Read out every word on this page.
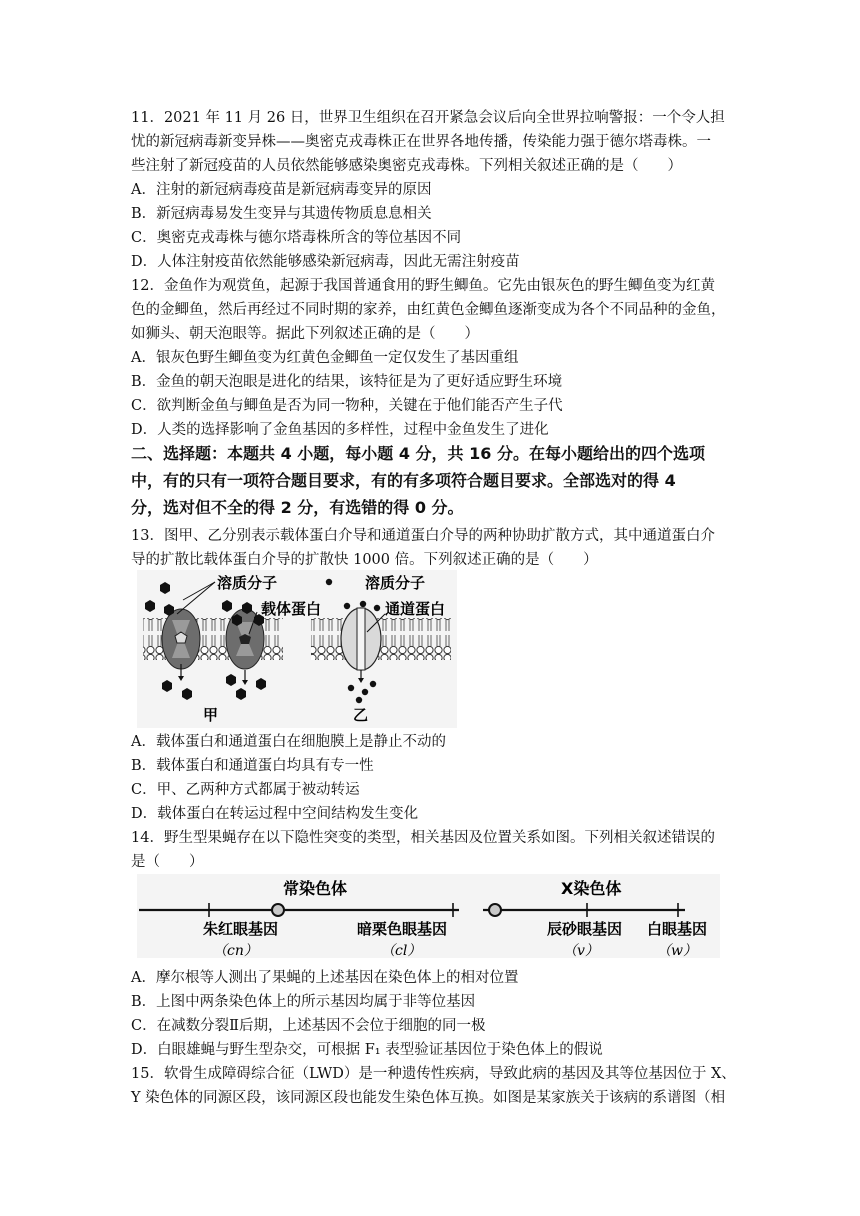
11．2021 年 11 月 26 日，世界卫生组织在召开紧急会议后向全世界拉响警报：一个令人担
忧的新冠病毒新变异株——奥密克戎毒株正在世界各地传播，传染能力强于德尔塔毒株。一
些注射了新冠疫苗的人员依然能够感染奥密克戎毒株。下列相关叙述正确的是（　　）
A．注射的新冠病毒疫苗是新冠病毒变异的原因
B．新冠病毒易发生变异与其遗传物质息息相关
C．奥密克戎毒株与德尔塔毒株所含的等位基因不同
D．人体注射疫苗依然能够感染新冠病毒，因此无需注射疫苗
12．金鱼作为观赏鱼，起源于我国普通食用的野生鲫鱼。它先由银灰色的野生鲫鱼变为红黄
色的金鲫鱼，然后再经过不同时期的家养，由红黄色金鲫鱼逐渐变成为各个不同品种的金鱼，
如狮头、朝天泡眼等。据此下列叙述正确的是（　　）
A．银灰色野生鲫鱼变为红黄色金鲫鱼一定仅发生了基因重组
B．金鱼的朝天泡眼是进化的结果，该特征是为了更好适应野生环境
C．欲判断金鱼与鲫鱼是否为同一物种，关键在于他们能否产生子代
D．人类的选择影响了金鱼基因的多样性，过程中金鱼发生了进化
二、选择题：本题共 4 小题，每小题 4 分，共 16 分。在每小题给出的四个选项
中，有的只有一项符合题目要求，有的有多项符合题目要求。全部选对的得 4
分，选对但不全的得 2 分，有选错的得 0 分。
13．图甲、乙分别表示载体蛋白介导和通道蛋白介导的两种协助扩散方式，其中通道蛋白介
导的扩散比载体蛋白介导的扩散快 1000 倍。下列叙述正确的是（　　）
溶质分子
载体蛋白
溶质分子
通道蛋白
甲	乙
A．载体蛋白和通道蛋白在细胞膜上是静止不动的
B．载体蛋白和通道蛋白均具有专一性
C．甲、乙两种方式都属于被动转运
D．载体蛋白在转运过程中空间结构发生变化
14．野生型果蝇存在以下隐性突变的类型，相关基因及位置关系如图。下列相关叙述错误的
是（　　）
常染色体	X染色体
朱红眼基因
（cn）
暗栗色眼基因
（cl）
辰砂眼基因
（v）
白眼基因
（w）
A．摩尔根等人测出了果蝇的上述基因在染色体上的相对位置
B．上图中两条染色体上的所示基因均属于非等位基因
C．在减数分裂Ⅱ后期，上述基因不会位于细胞的同一极
D．白眼雄蝇与野生型杂交，可根据 F₁ 表型验证基因位于染色体上的假说
15．软骨生成障碍综合征（LWD）是一种遗传性疾病，导致此病的基因及其等位基因位于 X、
Y 染色体的同源区段，该同源区段也能发生染色体互换。如图是某家族关于该病的系谱图（相
